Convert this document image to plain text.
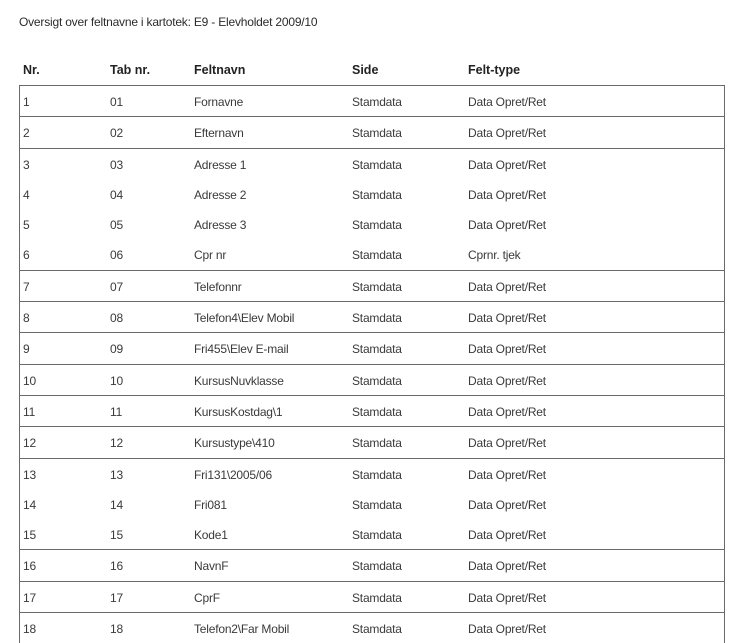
Oversigt over feltnavne i kartotek: E9 - Elevholdet 2009/10
Nr.	Tab nr.	Feltnavn	Side	Felt-type
1	01	Fornavne	Stamdata	Data Opret/Ret
2	02	Efternavn	Stamdata	Data Opret/Ret
3	03	Adresse 1	Stamdata	Data Opret/Ret
4	04	Adresse 2	Stamdata	Data Opret/Ret
5	05	Adresse 3	Stamdata	Data Opret/Ret
6	06	Cpr nr	Stamdata	Cprnr. tjek
7	07	Telefonnr	Stamdata	Data Opret/Ret
8	08	Telefon4\Elev Mobil	Stamdata	Data Opret/Ret
9	09	Fri455\Elev E-mail	Stamdata	Data Opret/Ret
10	10	KursusNuvklasse	Stamdata	Data Opret/Ret
11	11	KursusKostdag\1	Stamdata	Data Opret/Ret
12	12	Kursustype\410	Stamdata	Data Opret/Ret
13	13	Fri131\2005/06	Stamdata	Data Opret/Ret
14	14	Fri081	Stamdata	Data Opret/Ret
15	15	Kode1	Stamdata	Data Opret/Ret
16	16	NavnF	Stamdata	Data Opret/Ret
17	17	CprF	Stamdata	Data Opret/Ret
18	18	Telefon2\Far Mobil	Stamdata	Data Opret/Ret
